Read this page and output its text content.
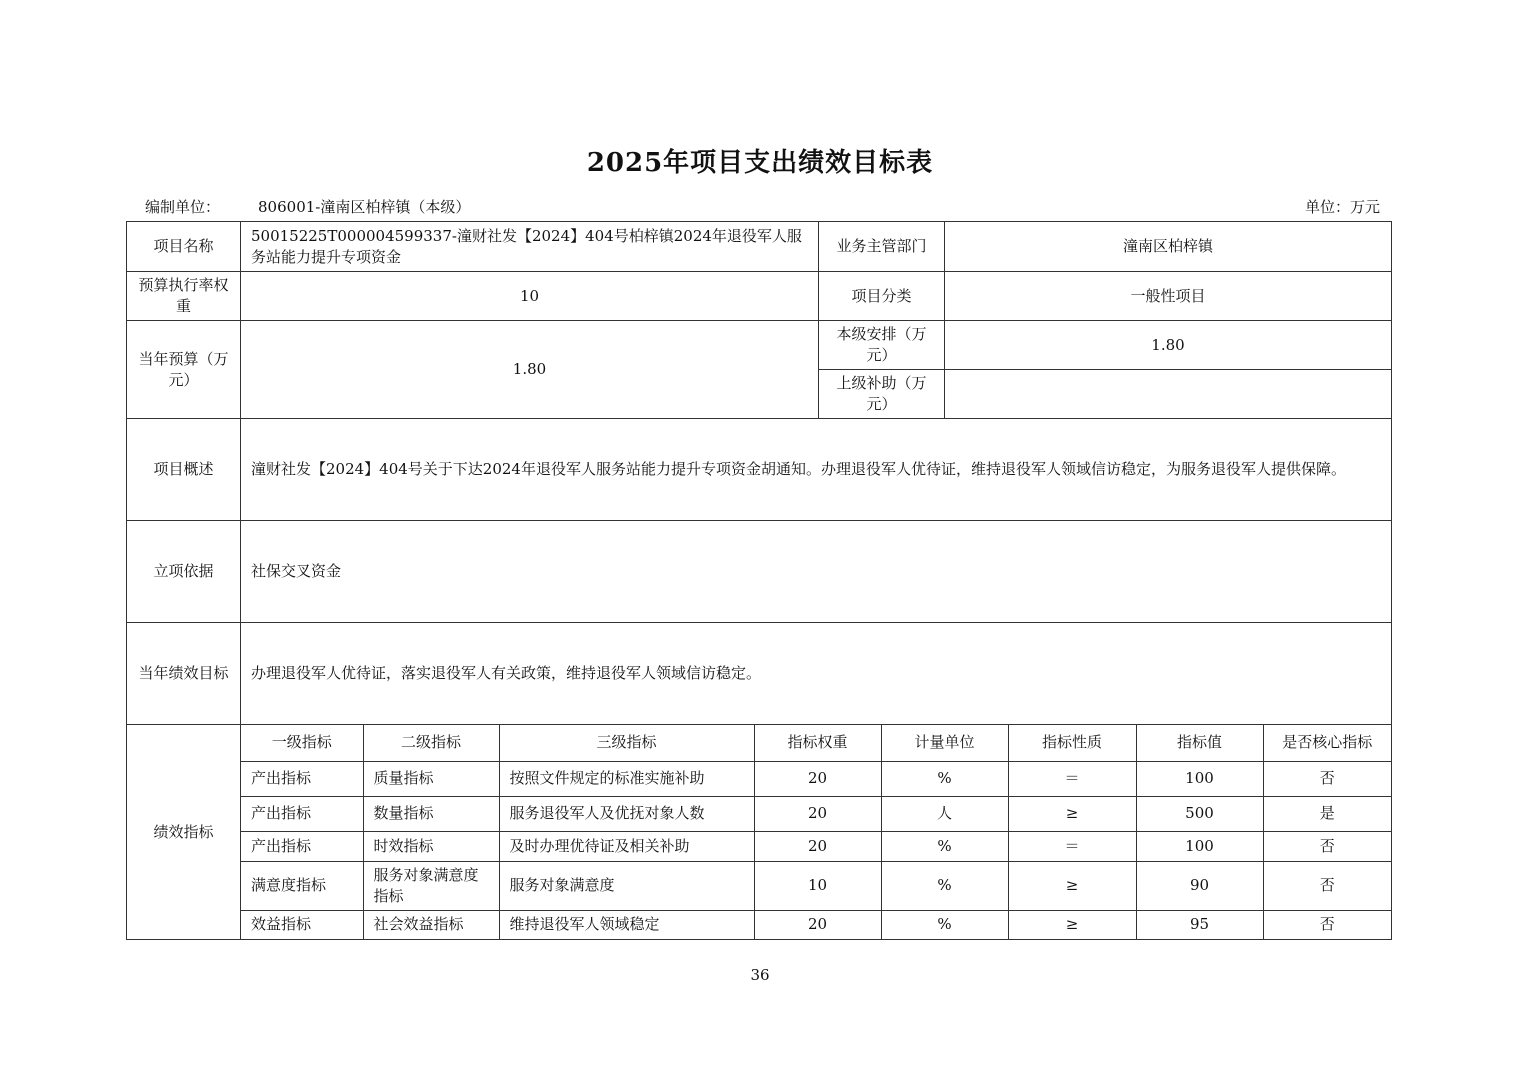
2025年项目支出绩效目标表
编制单位：	806001-潼南区柏梓镇（本级）	单位：万元
项目名称	50015225T000004599337-潼财社发【2024】404号柏梓镇2024年退役军人服务站能力提升专项资金	业务主管部门	潼南区柏梓镇
预算执行率权重	10	项目分类	一般性项目
当年预算（万元）	1.80	本级安排（万元）	1.80
上级补助（万元）	
项目概述	潼财社发【2024】404号关于下达2024年退役军人服务站能力提升专项资金胡通知。办理退役军人优待证，维持退役军人领域信访稳定，为服务退役军人提供保障。
立项依据	社保交叉资金
当年绩效目标	办理退役军人优待证，落实退役军人有关政策，维持退役军人领域信访稳定。
绩效指标	
一级指标	二级指标	三级指标	指标权重	计量单位	指标性质	指标值	是否核心指标
产出指标	质量指标	按照文件规定的标准实施补助	20	%	＝	100	否
产出指标	数量指标	服务退役军人及优抚对象人数	20	人	≥	500	是
产出指标	时效指标	及时办理优待证及相关补助	20	%	＝	100	否
满意度指标	服务对象满意度指标	服务对象满意度	10	%	≥	90	否
效益指标	社会效益指标	维持退役军人领域稳定	20	%	≥	95	否
36
